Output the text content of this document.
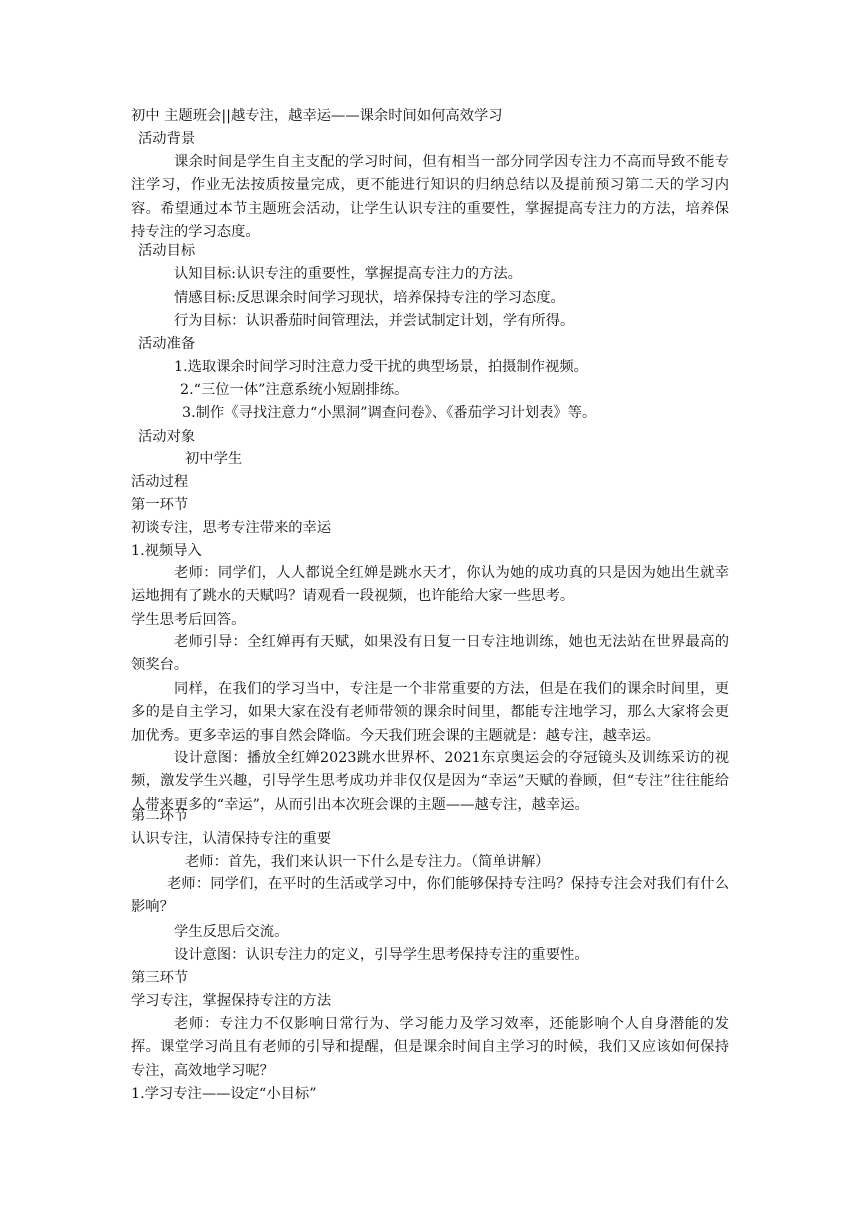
初中 主题班会||越专注，越幸运——课余时间如何高效学习
活动背景
课余时间是学生自主支配的学习时间，但有相当一部分同学因专注力不高而导致不能专注学习，作业无法按质按量完成，更不能进行知识的归纳总结以及提前预习第二天的学习内容。希望通过本节主题班会活动，让学生认识专注的重要性，掌握提高专注力的方法，培养保持专注的学习态度。
活动目标
认知目标:认识专注的重要性，掌握提高专注力的方法。
情感目标:反思课余时间学习现状，培养保持专注的学习态度。
行为目标：认识番茄时间管理法，并尝试制定计划，学有所得。
活动准备
1.选取课余时间学习时注意力受干扰的典型场景，拍摄制作视频。
2.“三位一体”注意系统小短剧排练。
3.制作《寻找注意力“小黑洞”调查问卷》、《番茄学习计划表》等。
活动对象
初中学生
活动过程
第一环节
初谈专注，思考专注带来的幸运
1.视频导入
老师：同学们，人人都说全红婵是跳水天才，你认为她的成功真的只是因为她出生就幸运地拥有了跳水的天赋吗？请观看一段视频，也许能给大家一些思考。
学生思考后回答。
老师引导：全红婵再有天赋，如果没有日复一日专注地训练，她也无法站在世界最高的领奖台。
同样，在我们的学习当中，专注是一个非常重要的方法，但是在我们的课余时间里，更多的是自主学习，如果大家在没有老师带领的课余时间里，都能专注地学习，那么大家将会更加优秀。更多幸运的事自然会降临。今天我们班会课的主题就是：越专注，越幸运。
设计意图：播放全红婵2023跳水世界杯、2021东京奥运会的夺冠镜头及训练采访的视频，激发学生兴趣，引导学生思考成功并非仅仅是因为“幸运”天赋的眷顾，但“专注”往往能给人带来更多的“幸运”，从而引出本次班会课的主题——越专注，越幸运。
第二环节
认识专注，认清保持专注的重要
老师：首先，我们来认识一下什么是专注力。（简单讲解）
老师：同学们，在平时的生活或学习中，你们能够保持专注吗？保持专注会对我们有什么影响？
学生反思后交流。
设计意图：认识专注力的定义，引导学生思考保持专注的重要性。
第三环节
学习专注，掌握保持专注的方法
老师：专注力不仅影响日常行为、学习能力及学习效率，还能影响个人自身潜能的发挥。课堂学习尚且有老师的引导和提醒，但是课余时间自主学习的时候，我们又应该如何保持专注，高效地学习呢？
1.学习专注——设定“小目标”
